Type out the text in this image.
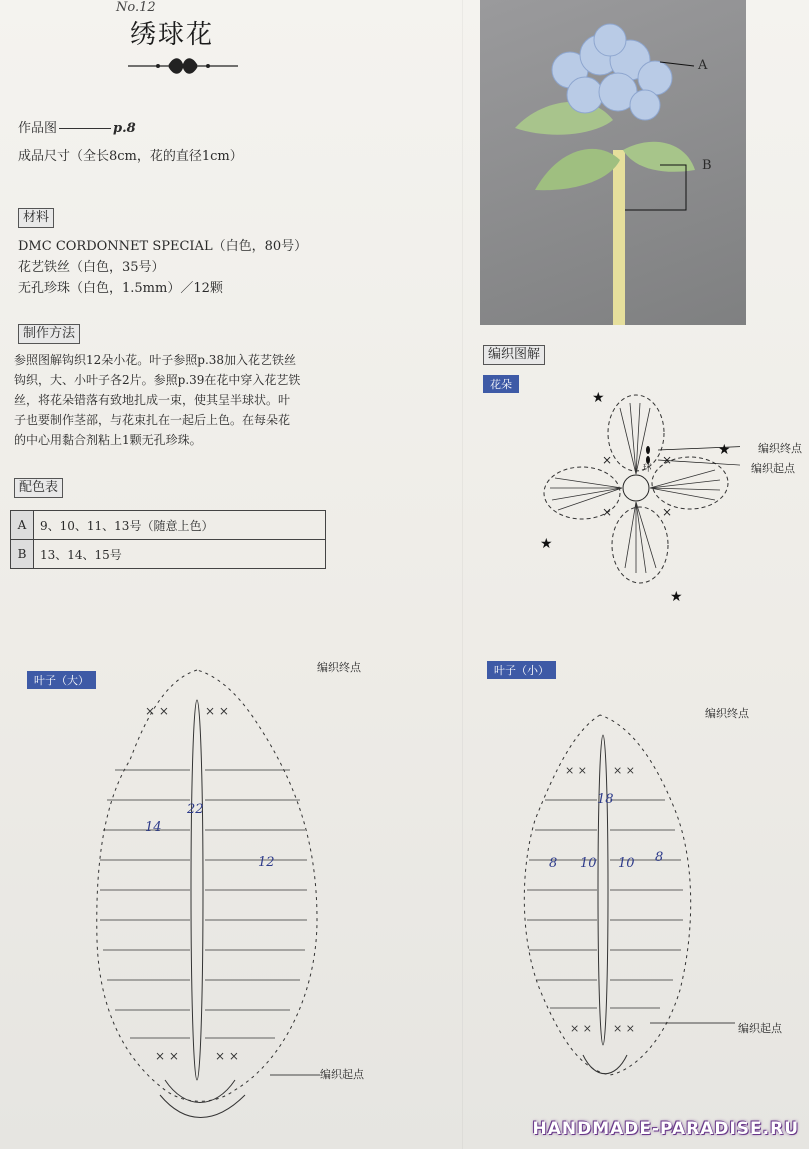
No.12
绣球花
作品图	p.8
成品尺寸（全长8cm，花的直径1cm）
材料
DMC CORDONNET SPECIAL（白色，80号）
花艺铁丝（白色，35号）
无孔珍珠（白色，1.5mm）／12颗
制作方法
参照图解钩织12朵小花。叶子参照p.38加入花艺铁丝
钩织，大、小叶子各2片。参照p.39在花中穿入花艺铁
丝，将花朵错落有致地扎成一束，使其呈半球状。叶
子也要制作茎部，与花束扎在一起后上色。在每朵花
的中心用黏合剂粘上1颗无孔珍珠。
配色表
A	9、10、11、13号（随意上色）
B	13、14、15号
A
B
编织图解
花朵
×	×
×
×
★
★
★
★
环
编织终点
编织起点
叶子（大）
编织终点
编织起点
× ×	× ×
× ×	× ×
14
22
12
叶子（小）
编织终点
编织起点
× × × ×
× × × ×
18
8 10 10 8
HANDMADE-PARADISE.RU
